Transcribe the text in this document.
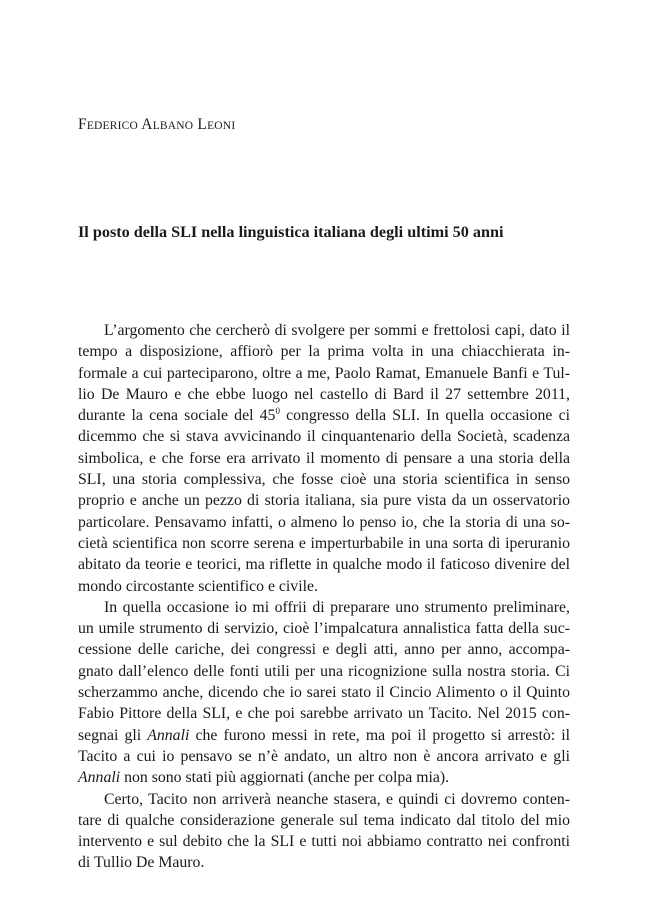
FEDERICO ALBANO LEONI
Il posto della SLI nella linguistica italiana degli ultimi 50 anni

L’argomento che cercherò di svolgere per sommi e frettolosi capi, dato il tempo a disposizione, affiorò per la prima volta in una chiacchierata informale a cui parteciparono, oltre a me, Paolo Ramat, Emanuele Banfi e Tullio De Mauro e che ebbe luogo nel castello di Bard il 27 settembre 2011, durante la cena sociale del $45^0$ congresso della SLI. In quella occasione ci dicemmo che si stava avvicinando il cinquantenario della Società, scadenza simbolica, e che forse era arrivato il momento di pensare a una storia della SLI, una storia complessiva, che fosse cioè una storia scientifica in senso proprio e anche un pezzo di storia italiana, sia pure vista da un osservatorio particolare. Pensavamo infatti, o almeno lo penso io, che la storia di una società scientifica non scorre serena e imperturbabile in una sorta di iperuranio abitato da teorie e teorici, ma riflette in qualche modo il faticoso divenire del mondo circostante scientifico e civile.

In quella occasione io mi offrii di preparare uno strumento preliminare, un umile strumento di servizio, cioè l’impalcatura annalistica fatta della successione delle cariche, dei congressi e degli atti, anno per anno, accompagnato dall’elenco delle fonti utili per una ricognizione sulla nostra storia. Ci scherzammo anche, dicendo che io sarei stato il Cincio Alimento o il Quinto Fabio Pittore della SLI, e che poi sarebbe arrivato un Tacito. Nel 2015 consegnai gli Annali che furono messi in rete, ma poi il progetto si arrestò: il Tacito a cui io pensavo se n’è andato, un altro non è ancora arrivato e gli Annali non sono stati più aggiornati (anche per colpa mia).

Certo, Tacito non arriverà neanche stasera, e quindi ci dovremo contentare di qualche considerazione generale sul tema indicato dal titolo del mio intervento e sul debito che la SLI e tutti noi abbiamo contratto nei confronti di Tullio De Mauro.
